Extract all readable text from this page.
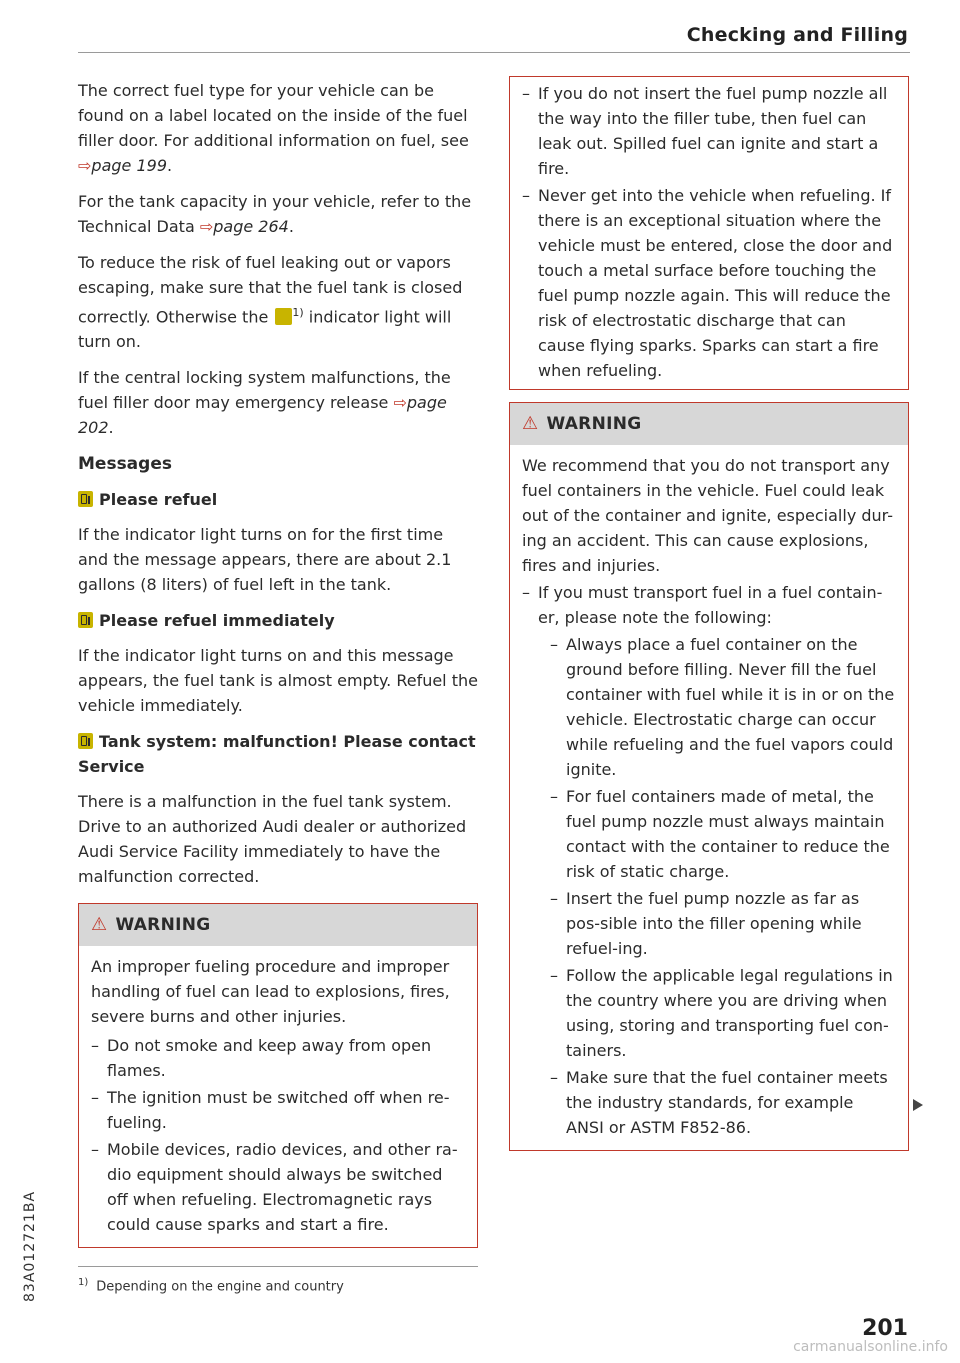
Checking and Filling

The correct fuel type for your vehicle can be found on a label located on the inside of the fuel filler door. For additional information on fuel, see ⇨page 199.

For the tank capacity in your vehicle, refer to the Technical Data ⇨page 264.

To reduce the risk of fuel leaking out or vapors escaping, make sure that the fuel tank is closed correctly. Otherwise the $^{1)}$ indicator light will turn on.

If the central locking system malfunctions, the fuel filler door may emergency release ⇨page 202.

Messages
Please refuel

If the indicator light turns on for the first time and the message appears, there are about 2.1 gallons (8 liters) of fuel left in the tank.

Please refuel immediately

If the indicator light turns on and this message appears, the fuel tank is almost empty. Refuel the vehicle immediately.

Tank system: malfunction! Please contact Service

There is a malfunction in the fuel tank system. Drive to an authorized Audi dealer or authorized Audi Service Facility immediately to have the malfunction corrected.

⚠ WARNING

An improper fueling procedure and improper handling of fuel can lead to explosions, fires, severe burns and other injuries.

– Do not smoke and keep away from open flames.
– The ignition must be switched off when re-fueling.
– Mobile devices, radio devices, and other ra-dio equipment should always be switched off when refueling. Electromagnetic rays could cause sparks and start a fire.
– If you do not insert the fuel pump nozzle all the way into the filler tube, then fuel can leak out. Spilled fuel can ignite and start a fire.
– Never get into the vehicle when refueling. If there is an exceptional situation where the vehicle must be entered, close the door and touch a metal surface before touching the fuel pump nozzle again. This will reduce the risk of electrostatic discharge that can cause flying sparks. Sparks can start a fire when refueling.
⚠ WARNING

We recommend that you do not transport any fuel containers in the vehicle. Fuel could leak out of the container and ignite, especially dur-ing an accident. This can cause explosions, fires and injuries.

– If you must transport fuel in a fuel contain-er, please note the following:
– Always place a fuel container on the ground before filling. Never fill the fuel container with fuel while it is in or on the vehicle. Electrostatic charge can occur while refueling and the fuel vapors could ignite.
– For fuel containers made of metal, the fuel pump nozzle must always maintain contact with the container to reduce the risk of static charge.
– Insert the fuel pump nozzle as far as pos-sible into the filler opening while refuel-ing.
– Follow the applicable legal regulations in the country where you are driving when using, storing and transporting fuel con-tainers.
– Make sure that the fuel container meets the industry standards, for example ANSI or ASTM F852-86.
$^{1)}$ Depending on the engine and country
201
83A012721BA
carmanualsonline.info
